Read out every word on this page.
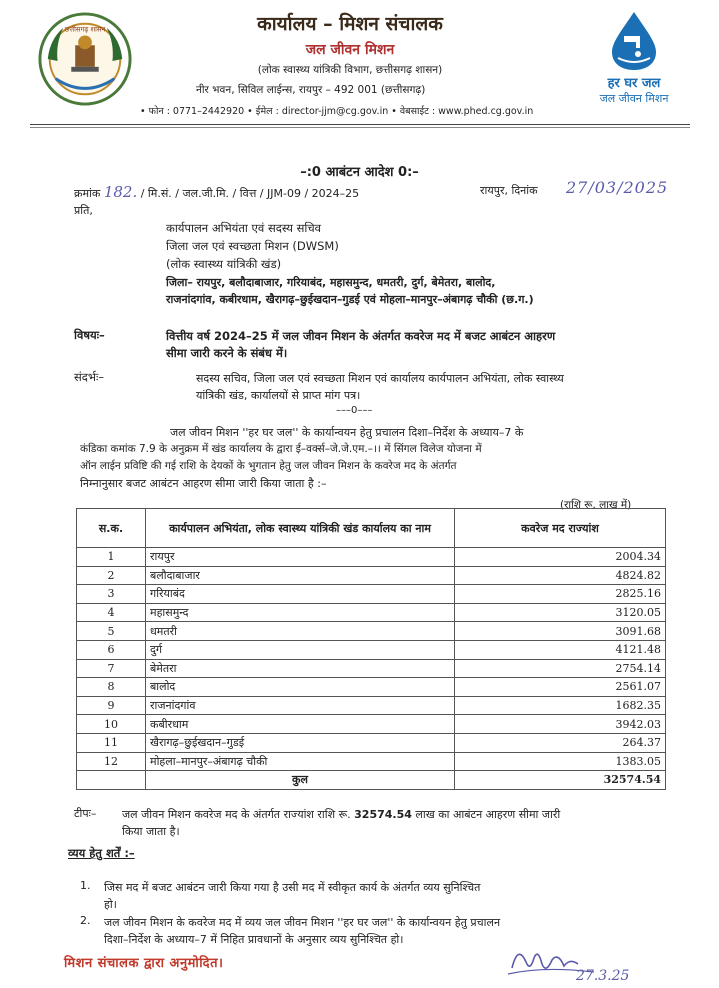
छत्तीसगढ़ शासन	कार्यालय – मिशन संचालक
जल जीवन मिशन
(लोक स्वास्थ्य यांत्रिकी विभाग, छत्तीसगढ़ शासन)
नीर भवन, सिविल लाईन्स, रायपुर – 492 001 (छत्तीसगढ़)
• फोन : 0771–2442920 • ईमेल : director-jjm@cg.gov.in • वेबसाईट : www.phed.cg.gov.in
हर घर जल
जल जीवन मिशन
–:0 आबंटन आदेश 0:–
क्रमांक 182. / मि.सं. / जल.जी.मि. / वित्त / JJM-09 / 2024–25	रायपुर, दिनांक 27/03/2025
प्रति,
कार्यपालन अभियंता एवं सदस्य सचिव
जिला जल एवं स्वच्छता मिशन (DWSM)
(लोक स्वास्थ्य यांत्रिकी खंड)
जिला– रायपुर, बलौदाबाजार, गरियाबंद, महासमुन्द, धमतरी, दुर्ग, बेमेतरा, बालोद,
राजनांदगांव, कबीरधाम, खैरागढ़–छुईखदान–गुडई एवं मोहला–मानपुर–अंबागढ़ चौकी (छ.ग.)
विषयः–	वित्तीय वर्ष 2024–25 में जल जीवन मिशन के अंतर्गत कवरेज मद में बजट आबंटन आहरण
सीमा जारी करने के संबंध में।
संदर्भः–	सदस्य सचिव, जिला जल एवं स्वच्छता मिशन एवं कार्यालय कार्यपालन अभियंता, लोक स्वास्थ्य
यांत्रिकी खंड, कार्यालयों से प्राप्त मांग पत्र।
–––0–––
जल जीवन मिशन ''हर घर जल'' के कार्यान्वयन हेतु प्रचालन दिशा–निर्देश के अध्याय–7 के
कंडिका कमांक 7.9 के अनुक्रम में खंड कार्यालय के द्वारा ई–वर्क्स–जे.जे.एम.–।। में सिंगल विलेज योजना में
ऑन लाईन प्रविष्टि की गई राशि के देयकों के भुगतान हेतु जल जीवन मिशन के कवरेज मद के अंतर्गत
निम्नानुसार बजट आबंटन आहरण सीमा जारी किया जाता है :–
(राशि रू. लाख में)
स.क.	कार्यपालन अभियंता, लोक स्वास्थ्य यांत्रिकी खंड कार्यालय का नाम	कवरेज मद राज्यांश
1	रायपुर	2004.34
2	बलौदाबाजार	4824.82
3	गरियाबंद	2825.16
4	महासमुन्द	3120.05
5	धमतरी	3091.68
6	दुर्ग	4121.48
7	बेमेतरा	2754.14
8	बालोद	2561.07
9	राजनांदगांव	1682.35
10	कबीरधाम	3942.03
11	खैरागढ़–छुईखदान–गुडई	264.37
12	मोहला–मानपुर–अंबागढ़ चौकी	1383.05
	कुल	32574.54
टीपः– जल जीवन मिशन कवरेज मद के अंतर्गत राज्यांश राशि रू. 32574.54 लाख का आबंटन आहरण सीमा जारी
किया जाता है।
व्यय हेतु शर्तें :–
1. जिस मद में बजट आबंटन जारी किया गया है उसी मद में स्वीकृत कार्य के अंतर्गत व्यय सुनिश्चित
हो।
2. जल जीवन मिशन के कवरेज मद में व्यय जल जीवन मिशन ''हर घर जल'' के कार्यान्वयन हेतु प्रचालन
दिशा–निर्देश के अध्याय–7 में निहित प्रावधानों के अनुसार व्यय सुनिश्चित हो।
मिशन संचालक द्वारा अनुमोदित।
27.3.25
